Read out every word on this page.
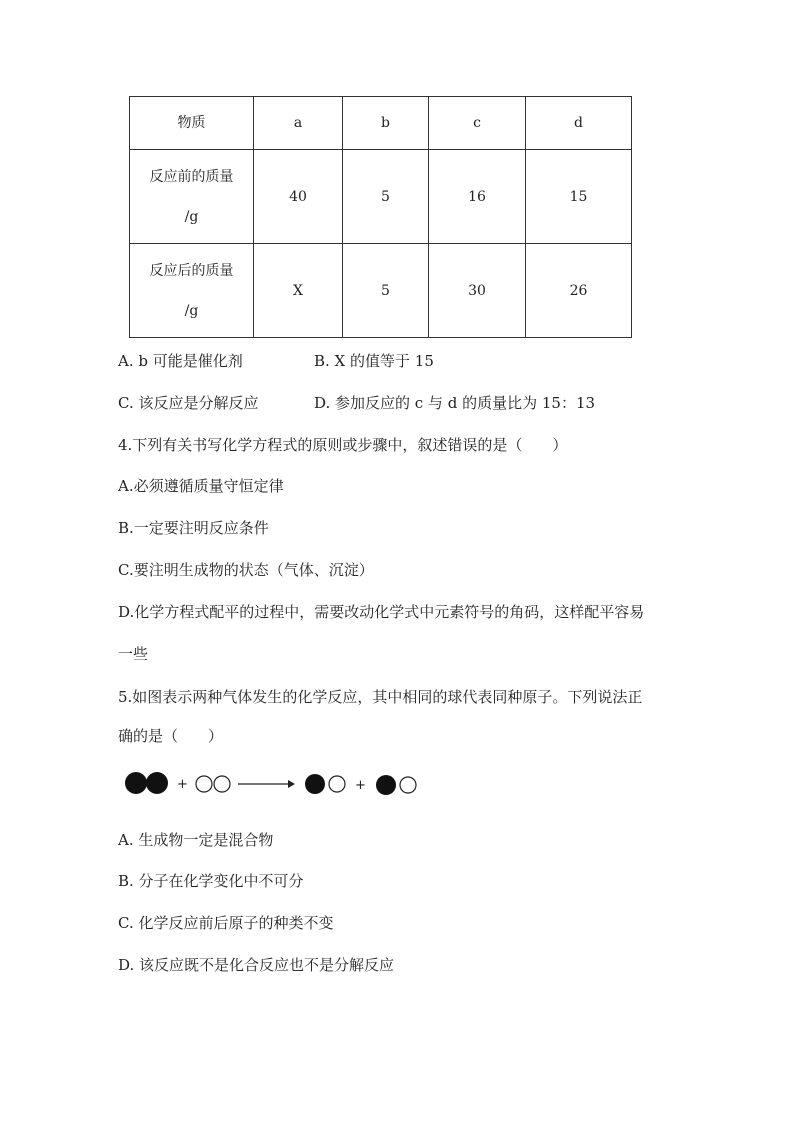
物质	a	b	c	d
反应前的质量
/g	40	5	16	15
反应后的质量
/g	X	5	30	26
A. b 可能是催化剂	B. X 的值等于 15
C. 该反应是分解反应	D. 参加反应的 c 与 d 的质量比为 15：13
4.下列有关书写化学方程式的原则或步骤中，叙述错误的是（　　）
A.必须遵循质量守恒定律
B.一定要注明反应条件
C.要注明生成物的状态（气体、沉淀）
D.化学方程式配平的过程中，需要改动化学式中元素符号的角码，这样配平容易
一些
5.如图表示两种气体发生的化学反应，其中相同的球代表同种原子。下列说法正
确的是（　　）
+	+
A. 生成物一定是混合物
B. 分子在化学变化中不可分
C. 化学反应前后原子的种类不变
D. 该反应既不是化合反应也不是分解反应
